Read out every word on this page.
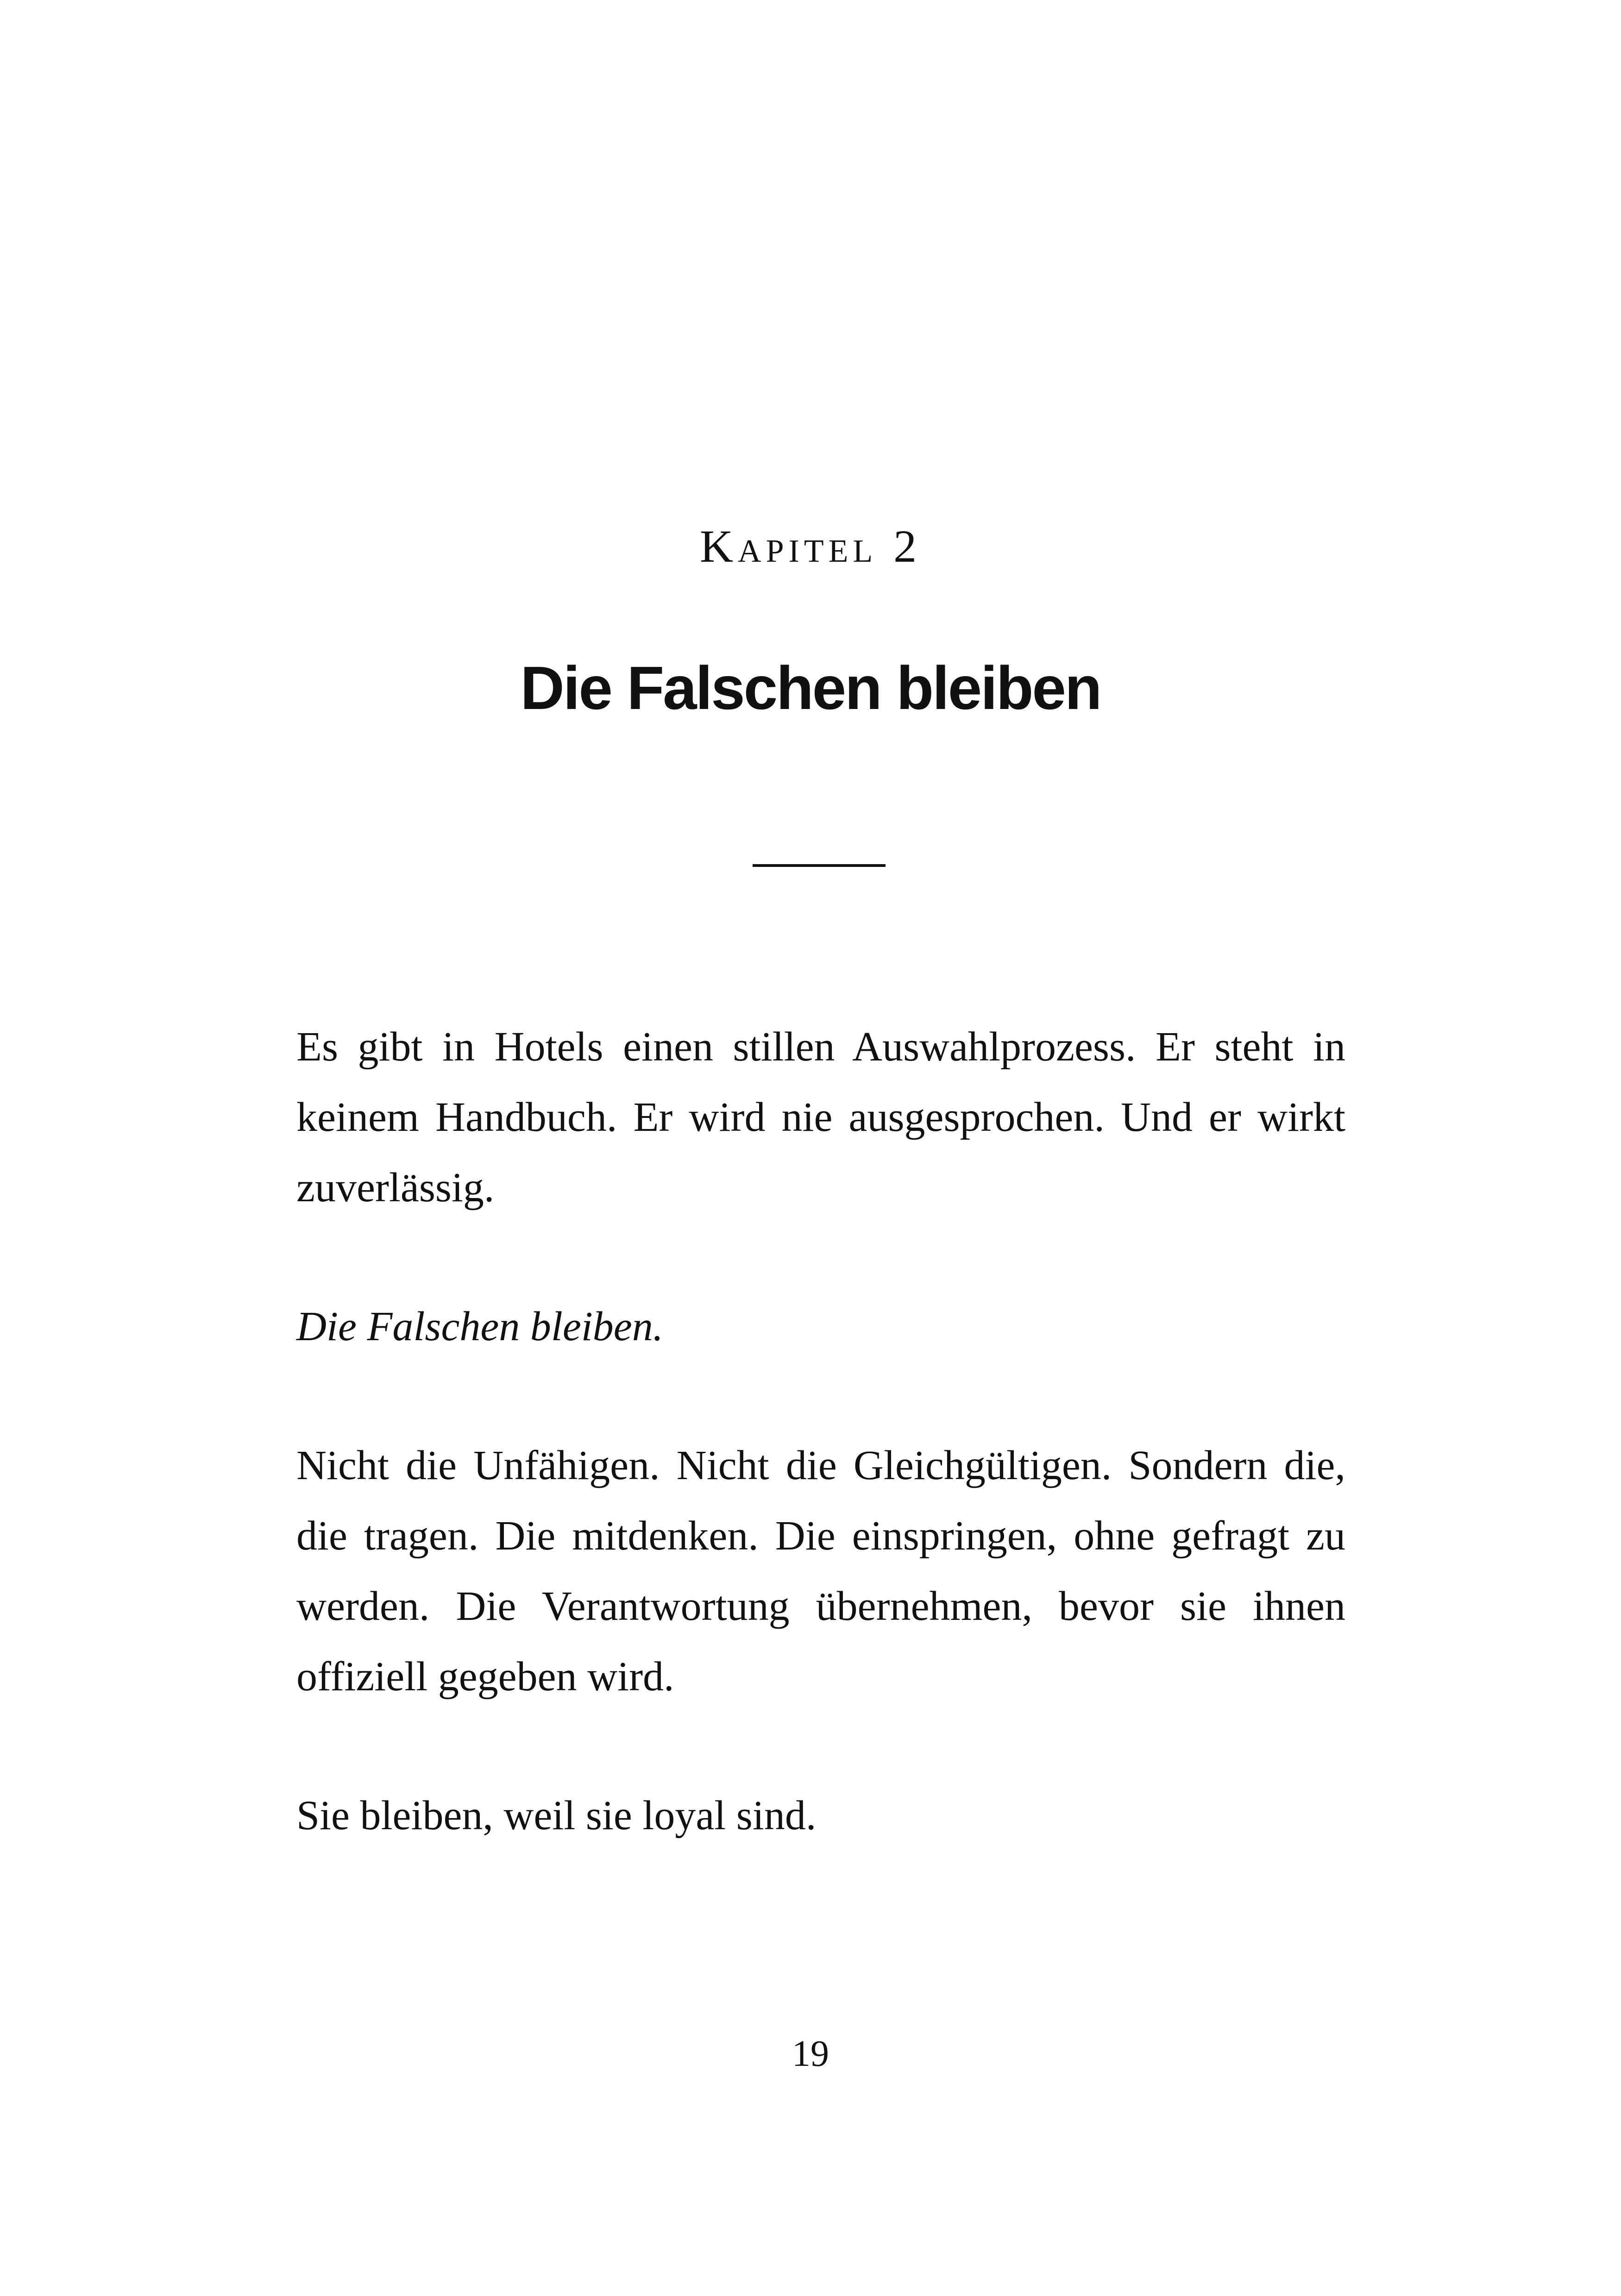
Kapitel 2
Die Falschen bleiben

Es gibt in Hotels einen stillen Auswahlprozess. Er steht in keinem Handbuch. Er wird nie ausgesprochen. Und er wirkt zuverlässig.

Die Falschen bleiben.

Nicht die Unfähigen. Nicht die Gleichgültigen. Sondern die, die tragen. Die mitdenken. Die einspringen, ohne gefragt zu werden. Die Verantwortung übernehmen, bevor sie ihnen offiziell gegeben wird.

Sie bleiben, weil sie loyal sind.

19
